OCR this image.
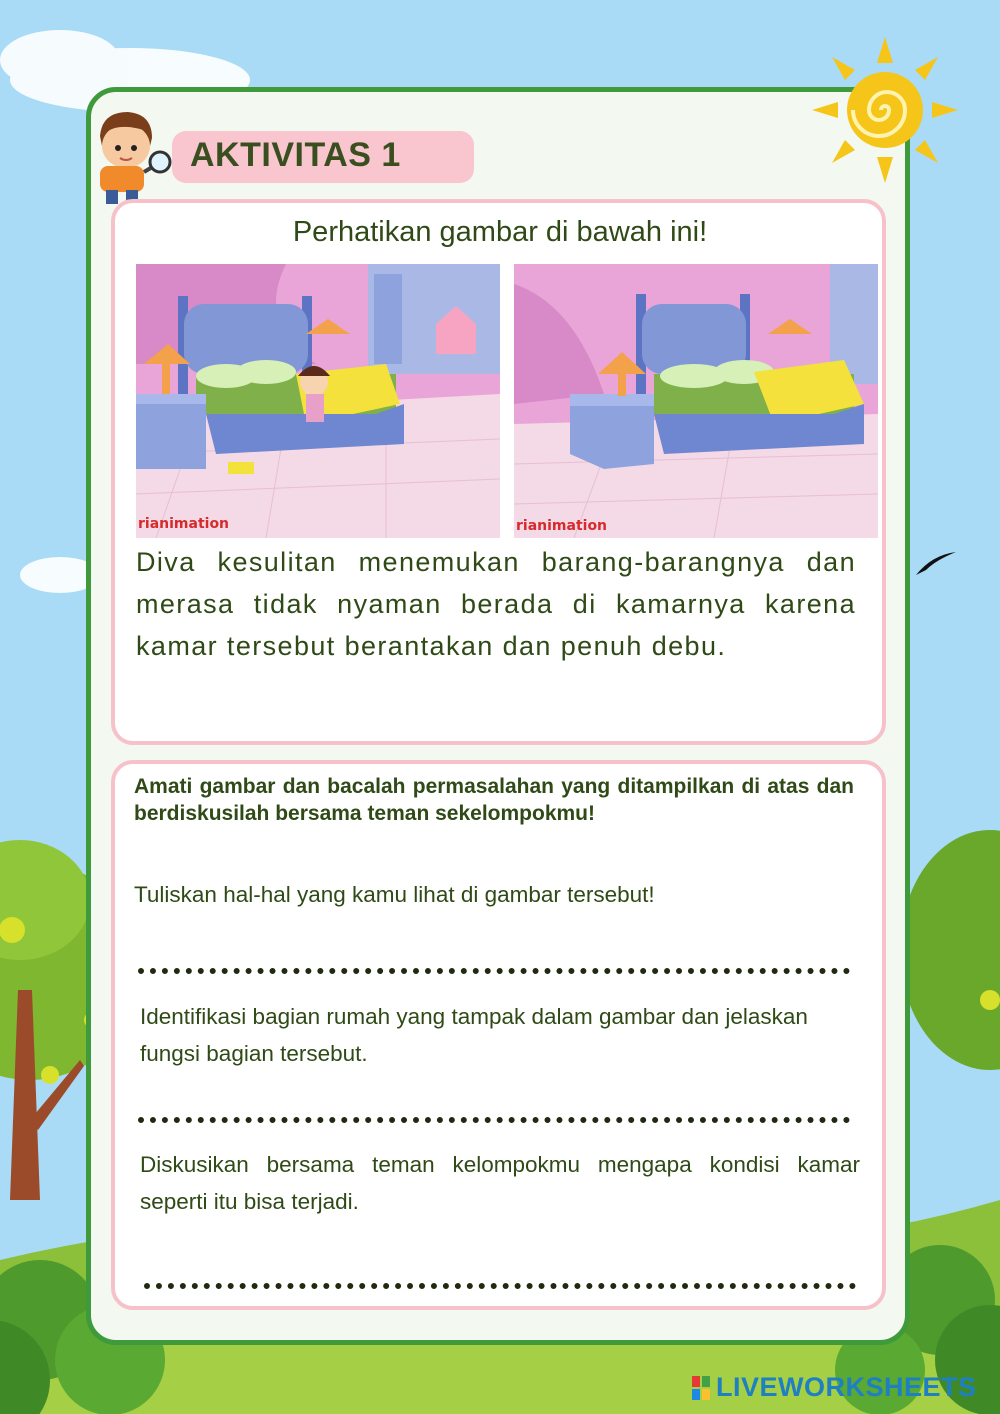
AKTIVITAS 1
Perhatikan gambar di bawah ini!
rianimation	rianimation
Diva kesulitan menemukan barang-barangnya dan merasa tidak nyaman berada di kamarnya karena kamar tersebut berantakan dan penuh debu.
Amati gambar dan bacalah permasalahan yang ditampilkan di atas dan berdiskusilah bersama teman sekelompokmu!
Tuliskan hal-hal yang kamu lihat di gambar tersebut!
Identifikasi bagian rumah yang tampak dalam gambar dan jelaskan fungsi bagian tersebut.
Diskusikan bersama teman kelompokmu mengapa kondisi kamar seperti itu bisa terjadi.
LIVEWORKSHEETS
